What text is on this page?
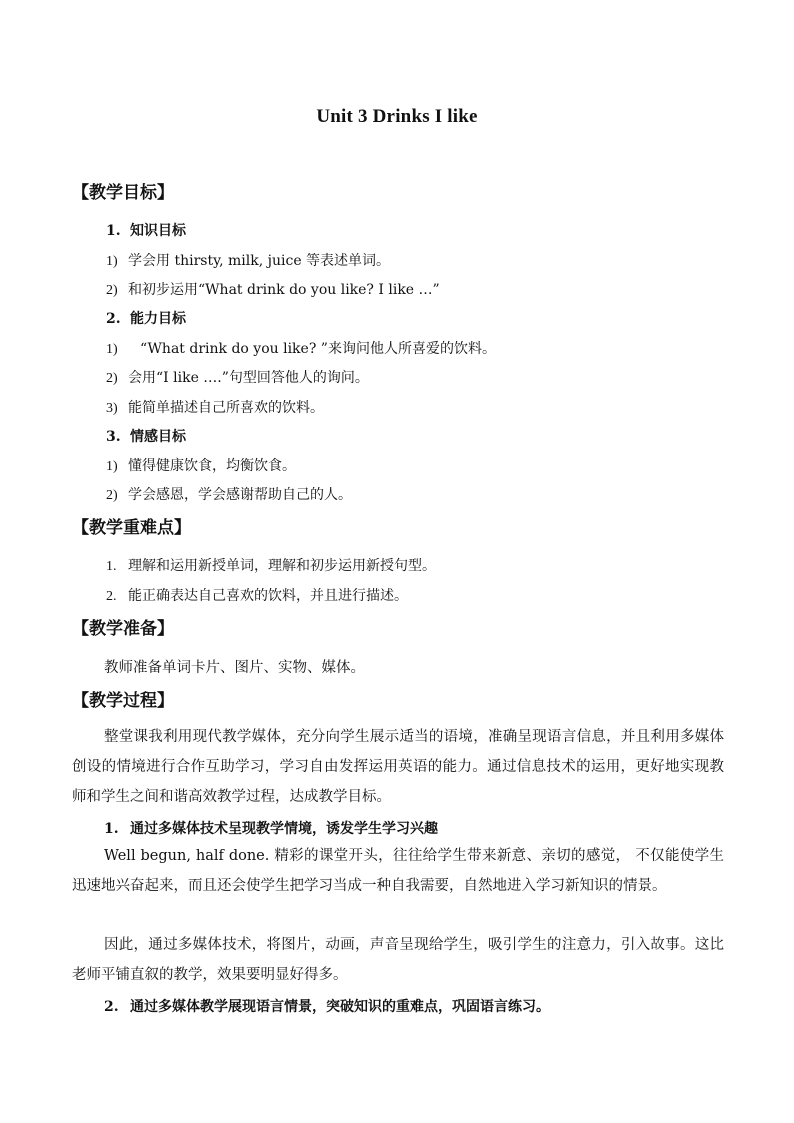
Unit 3 Drinks I like
【教学目标】
1. 知识目标
1) 学会用 thirsty, milk, juice 等表述单词。
2) 和初步运用“What drink do you like? I like …”
2. 能力目标
1) “What drink do you like? ”来询问他人所喜爱的饮料。
2) 会用“I like ….”句型回答他人的询问。
3) 能简单描述自己所喜欢的饮料。
3. 情感目标
1) 懂得健康饮食，均衡饮食。
2) 学会感恩，学会感谢帮助自己的人。
【教学重难点】
1. 理解和运用新授单词，理解和初步运用新授句型。
2. 能正确表达自己喜欢的饮料，并且进行描述。
【教学准备】
教师准备单词卡片、图片、实物、媒体。
【教学过程】
整堂课我利用现代教学媒体，充分向学生展示适当的语境，准确呈现语言信息，并且利用多媒体创设的情境进行合作互助学习，学习自由发挥运用英语的能力。通过信息技术的运用，更好地实现教师和学生之间和谐高效教学过程，达成教学目标。
1. 通过多媒体技术呈现教学情境，诱发学生学习兴趣
Well begun, half done. 精彩的课堂开头，往往给学生带来新意、亲切的感觉， 不仅能使学生迅速地兴奋起来，而且还会使学生把学习当成一种自我需要，自然地进入学习新知识的情景。
因此，通过多媒体技术，将图片，动画，声音呈现给学生，吸引学生的注意力，引入故事。这比老师平铺直叙的教学，效果要明显好得多。
2. 通过多媒体教学展现语言情景，突破知识的重难点，巩固语言练习。
